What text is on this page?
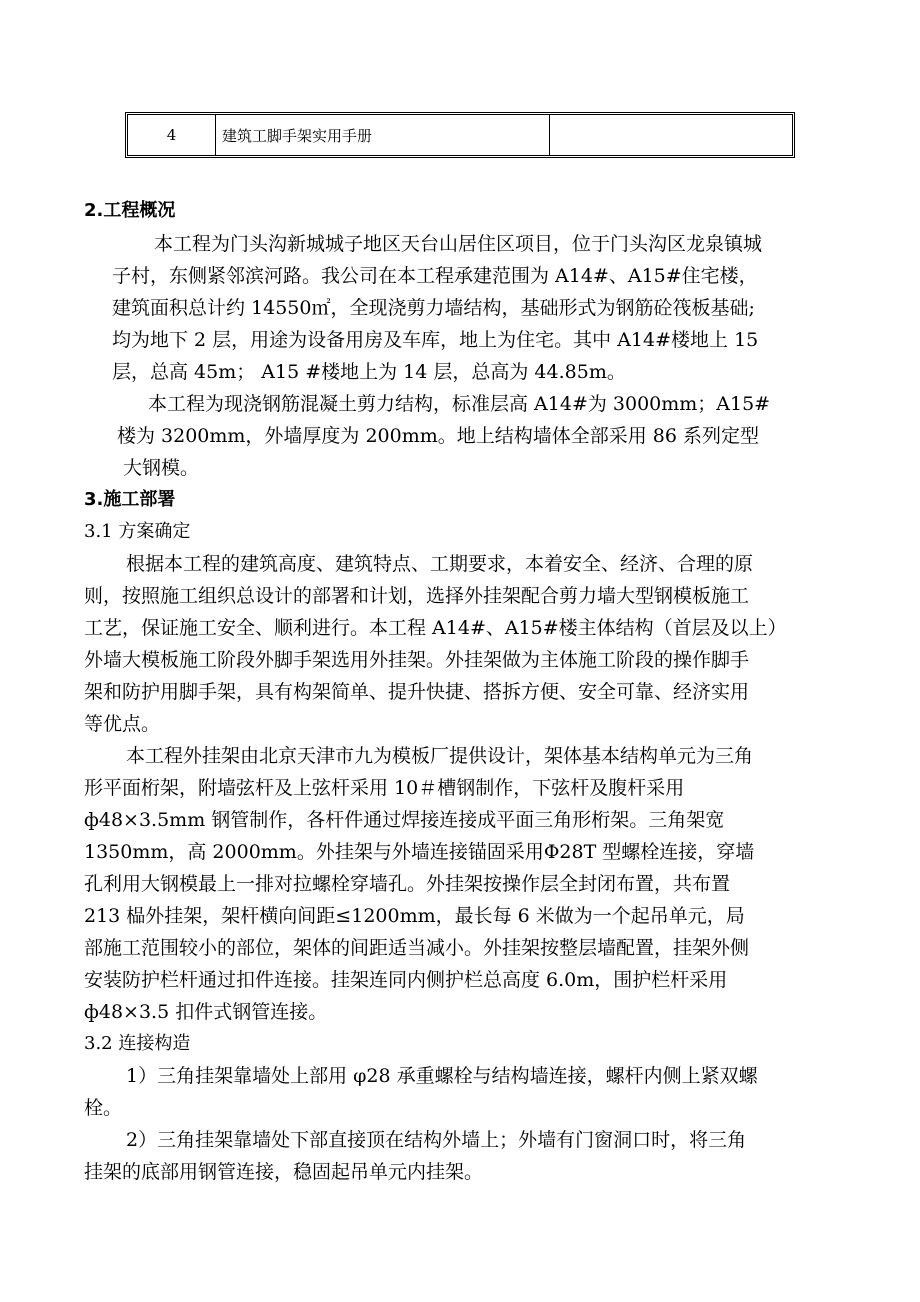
4	建筑工脚手架实用手册
2.工程概况
本工程为门头沟新城城子地区天台山居住区项目，位于门头沟区龙泉镇城
子村，东侧紧邻滨河路。我公司在本工程承建范围为 A14#、A15#住宅楼，
建筑面积总计约 14550㎡，全现浇剪力墙结构，基础形式为钢筋砼筏板基础;
均为地下 2 层，用途为设备用房及车库，地上为住宅。其中 A14#楼地上 15
层，总高 45m； A15 #楼地上为 14 层，总高为 44.85m。
本工程为现浇钢筋混凝土剪力结构，标准层高 A14#为 3000mm；A15#
楼为 3200mm，外墙厚度为 200mm。地上结构墙体全部采用 86 系列定型
大钢模。
3.施工部署
3.1 方案确定
根据本工程的建筑高度、建筑特点、工期要求，本着安全、经济、合理的原
则，按照施工组织总设计的部署和计划，选择外挂架配合剪力墙大型钢模板施工
工艺，保证施工安全、顺利进行。本工程 A14#、A15#楼主体结构（首层及以上）
外墙大模板施工阶段外脚手架选用外挂架。外挂架做为主体施工阶段的操作脚手
架和防护用脚手架，具有构架简单、提升快捷、搭拆方便、安全可靠、经济实用
等优点。
本工程外挂架由北京天津市九为模板厂提供设计，架体基本结构单元为三角
形平面桁架，附墙弦杆及上弦杆采用 10＃槽钢制作，下弦杆及腹杆采用
ф48×3.5mm 钢管制作，各杆件通过焊接连接成平面三角形桁架。三角架宽
1350mm，高 2000mm。外挂架与外墙连接锚固采用Φ28T 型螺栓连接，穿墙
孔利用大钢模最上一排对拉螺栓穿墙孔。外挂架按操作层全封闭布置，共布置
213 榀外挂架，架杆横向间距≤1200mm，最长每 6 米做为一个起吊单元，局
部施工范围较小的部位，架体的间距适当减小。外挂架按整层墙配置，挂架外侧
安装防护栏杆通过扣件连接。挂架连同内侧护栏总高度 6.0m，围护栏杆采用
ф48×3.5 扣件式钢管连接。
3.2 连接构造
1）三角挂架靠墙处上部用 φ28 承重螺栓与结构墙连接，螺杆内侧上紧双螺
栓。
2）三角挂架靠墙处下部直接顶在结构外墙上；外墙有门窗洞口时，将三角
挂架的底部用钢管连接，稳固起吊单元内挂架。
